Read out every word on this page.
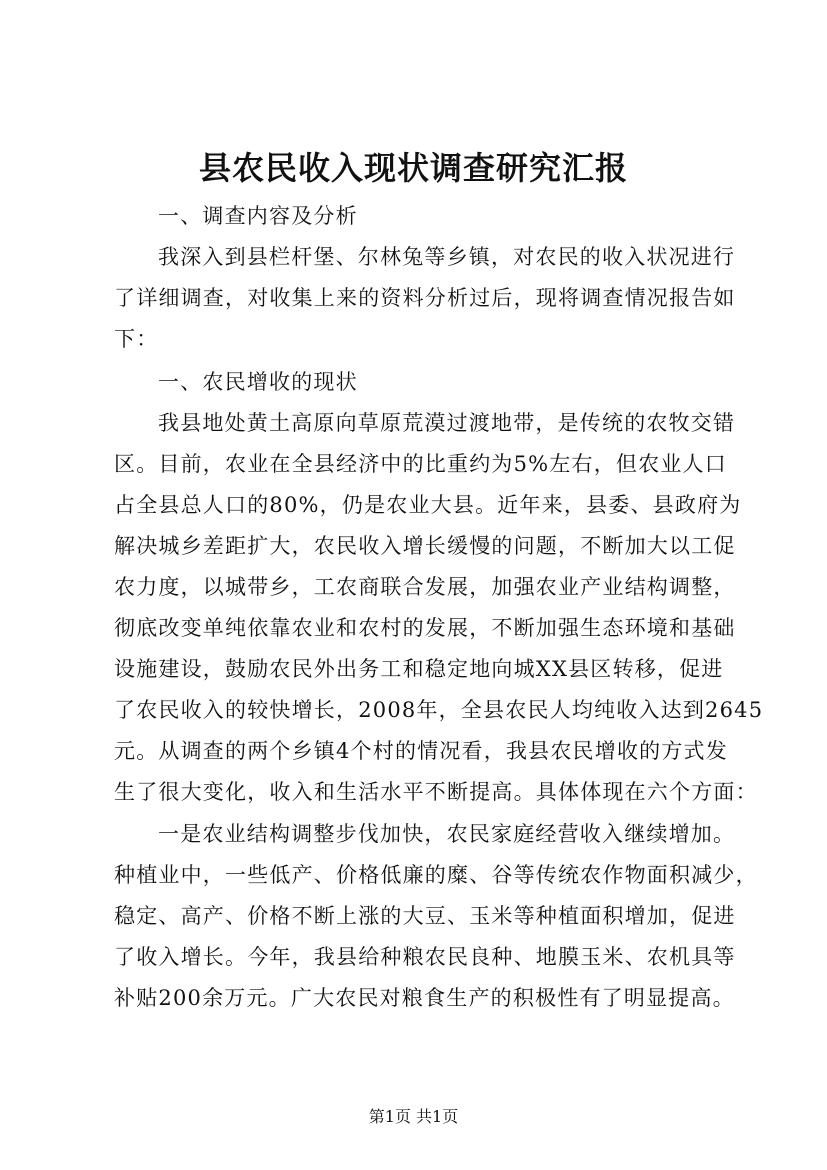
县农民收入现状调查研究汇报
一、调查内容及分析
我深入到县栏杆堡、尔林兔等乡镇，对农民的收入状况进行
了详细调查，对收集上来的资料分析过后，现将调查情况报告如
下：
一、农民增收的现状
我县地处黄土高原向草原荒漠过渡地带，是传统的农牧交错
区。目前，农业在全县经济中的比重约为5%左右，但农业人口
占全县总人口的80%，仍是农业大县。近年来，县委、县政府为
解决城乡差距扩大，农民收入增长缓慢的问题，不断加大以工促
农力度，以城带乡，工农商联合发展，加强农业产业结构调整，
彻底改变单纯依靠农业和农村的发展，不断加强生态环境和基础
设施建设，鼓励农民外出务工和稳定地向城XX县区转移，促进
了农民收入的较快增长，2008年，全县农民人均纯收入达到2645
元。从调查的两个乡镇4个村的情况看，我县农民增收的方式发
生了很大变化，收入和生活水平不断提高。具体体现在六个方面：
一是农业结构调整步伐加快，农民家庭经营收入继续增加。
种植业中，一些低产、价格低廉的糜、谷等传统农作物面积减少，
稳定、高产、价格不断上涨的大豆、玉米等种植面积增加，促进
了收入增长。今年，我县给种粮农民良种、地膜玉米、农机具等
补贴200余万元。广大农民对粮食生产的积极性有了明显提高。
第1页 共1页
